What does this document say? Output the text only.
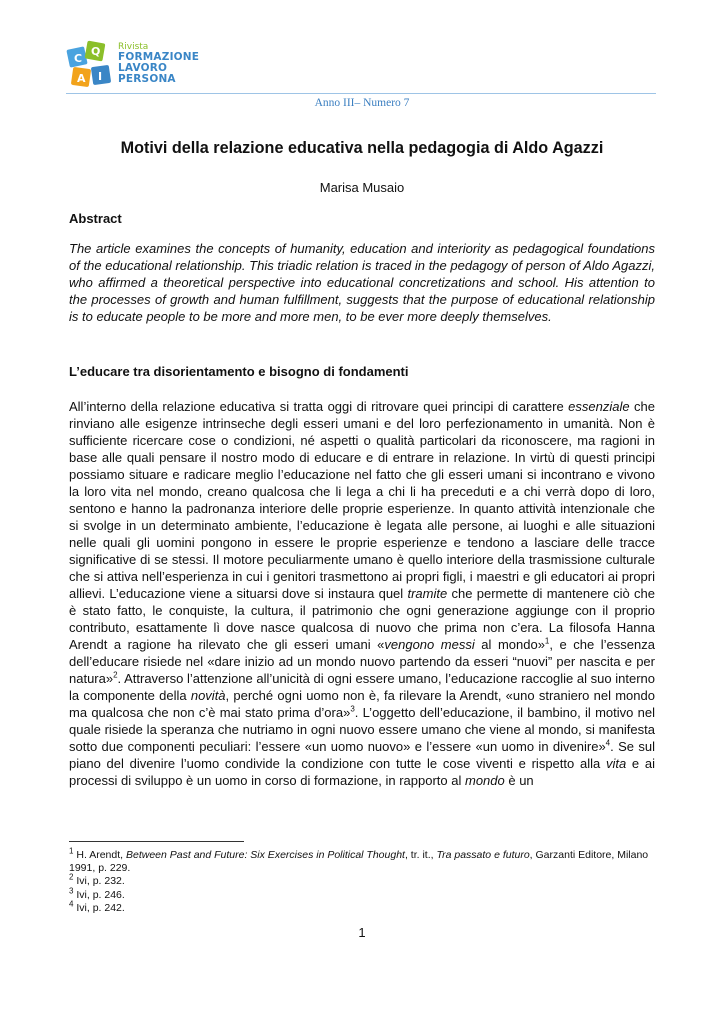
C
Q
A I
Rivista
FORMAZIONE
LAVORO
PERSONA
Anno III– Numero 7
Motivi della relazione educativa nella pedagogia di Aldo Agazzi
Marisa Musaio
Abstract
The article examines the concepts of humanity, education and interiority as pedagogical foundations of the educational relationship. This triadic relation is traced in the pedagogy of person of Aldo Agazzi, who affirmed a theoretical perspective into educational concretizations and school. His attention to the processes of growth and human fulfillment, suggests that the purpose of educational relationship is to educate people to be more and more men, to be ever more deeply themselves.
L’educare tra disorientamento e bisogno di fondamenti

All’interno della relazione educativa si tratta oggi di ritrovare quei principi di carattere essenziale che rinviano alle esigenze intrinseche degli esseri umani e del loro perfezionamento in umanità. Non è sufficiente ricercare cose o condizioni, né aspetti o qualità particolari da riconoscere, ma ragioni in base alle quali pensare il nostro modo di educare e di entrare in relazione. In virtù di questi principi possiamo situare e radicare meglio l’educazione nel fatto che gli esseri umani si incontrano e vivono la loro vita nel mondo, creano qualcosa che li lega a chi li ha preceduti e a chi verrà dopo di loro, sentono e hanno la padronanza interiore delle proprie esperienze. In quanto attività intenzionale che si svolge in un determinato ambiente, l’educazione è legata alle persone, ai luoghi e alle situazioni nelle quali gli uomini pongono in essere le proprie esperienze e tendono a lasciare delle tracce significative di se stessi. Il motore peculiarmente umano è quello interiore della trasmissione culturale che si attiva nell’esperienza in cui i genitori trasmettono ai propri figli, i maestri e gli educatori ai propri allievi. L’educazione viene a situarsi dove si instaura quel tramite che permette di mantenere ciò che è stato fatto, le conquiste, la cultura, il patrimonio che ogni generazione aggiunge con il proprio contributo, esattamente lì dove nasce qualcosa di nuovo che prima non c’era. La filosofa Hanna Arendt a ragione ha rilevato che gli esseri umani «vengono messi al mondo»$^1$, e che l’essenza dell’educare risiede nel «dare inizio ad un mondo nuovo partendo da esseri “nuovi” per nascita e per natura»$^2$. Attraverso l’attenzione all’unicità di ogni essere umano, l’educazione raccoglie al suo interno la componente della novità, perché ogni uomo non è, fa rilevare la Arendt, «uno straniero nel mondo ma qualcosa che non c’è mai stato prima d’ora»$^3$. L’oggetto dell’educazione, il bambino, il motivo nel quale risiede la speranza che nutriamo in ogni nuovo essere umano che viene al mondo, si manifesta sotto due componenti peculiari: l’essere «un uomo nuovo» e l’essere «un uomo in divenire»$^4$. Se sul piano del divenire l’uomo condivide la condizione con tutte le cose viventi e rispetto alla vita e ai processi di sviluppo è un uomo in corso di formazione, in rapporto al mondo è un

$^1$ H. Arendt, Between Past and Future: Six Exercises in Political Thought, tr. it., Tra passato e futuro, Garzanti Editore, Milano 1991, p. 229.
$^2$ Ivi, p. 232.
$^3$ Ivi, p. 246.
$^4$ Ivi, p. 242.
1
